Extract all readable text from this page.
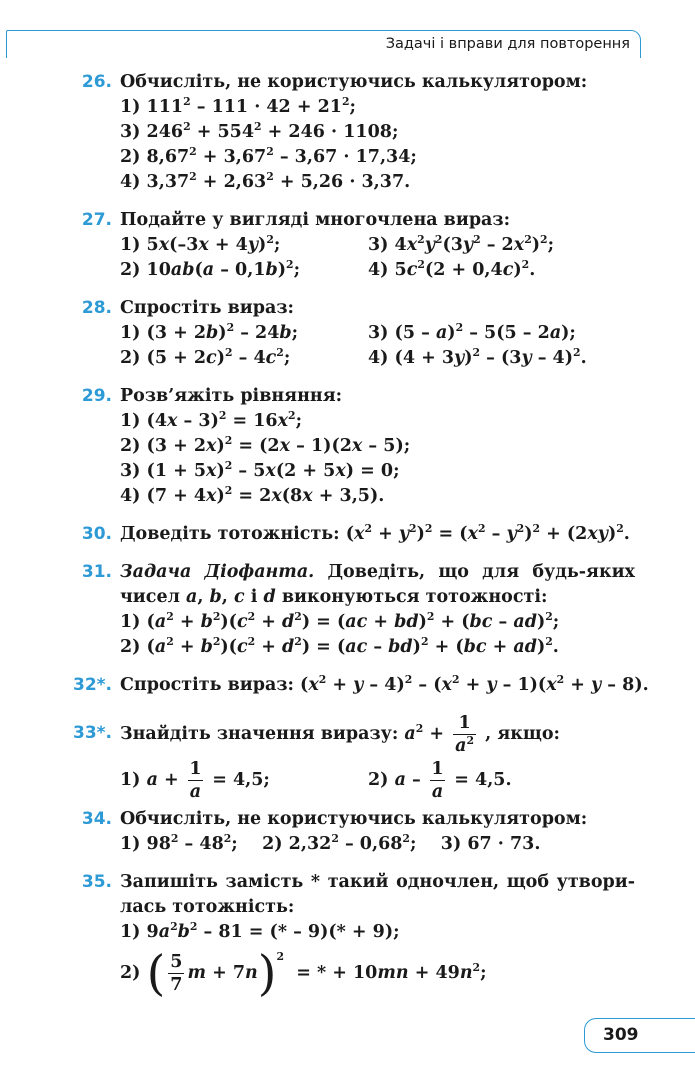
Задачі і вправи для повторення
26. Обчисліть, не користуючись калькулятором:
1) $111^2 - 111 \cdot 42 + 21^2$;
3) $246^2 + 554^2 + 246 \cdot 1108$;
2) $8,67^2 + 3,67^2 - 3,67 \cdot 17,34$;
4) $3,37^2 + 2,63^2 + 5,26 \cdot 3,37$.
27. Подайте у вигляді многочлена вираз:
1) $5x(-3x + 4y)^2$;	3) $4x^2y^2(3y^2 - 2x^2)^2$;
2) 10ab(a – 0,1b)$^2$;	4) $5c^2(2 + 0,4c)^2$.
28. Спростіть вираз:
1) $(3 + 2b)^2 - 24b$;	3) (5 – a)$^2$ – 5(5 – 2a);
2) $(5 + 2c)^2 - 4c^2$;	4) $(4 + 3y)^2 - (3y - 4)^2$.
29. Розв’яжіть рівняння:
1) $(4x - 3)^2 = 16x^2$;
2) $(3 + 2x)^2 = (2x - 1)(2x - 5)$;
3) $(1 + 5x)^2 - 5x(2 + 5x) = 0$;
4) $(7 + 4x)^2 = 2x(8x + 3,5)$.
30. Доведіть тотожність: $(x^2 + y^2)^2 = (x^2 - y^2)^2 + (2xy)^2$.
31. Задача Діофанта. Доведіть, що для будь-яких
чисел a, b, c і d виконуються тотожності:
1) $(a^2 + b^2)(c^2 + d^2) = (ac + bd)^2 + (bc - ad)^2$;
2) $(a^2 + b^2)(c^2 + d^2) = (ac - bd)^2 + (bc + ad)^2$.
32*. Спростіть вираз: $(x^2 + y - 4)^2 - (x^2 + y - 1)(x^2 + y - 8)$.
33*. Знайдіть значення виразу: $a^2 + \frac{1}{a^2}$ , якщо:
1) $a + \frac{1}{a} = 4,5$;	2) $a - \frac{1}{a} = 4,5$.
34. Обчисліть, не користуючись калькулятором:
1) $98^2 - 48^2$;    2) 2,32$^2$ – 0,68$^2$;    3) 67 · 73.
35. Запишіть замість * такий одночлен, щоб утвори-
лась тотожність:
1) $9a^2b^2 - 81$ = (* – 9)(* + 9);
2) ( $\frac{5}{7}$ m + 7n)$^2$  = * + $10mn + 49n^2$;
309
